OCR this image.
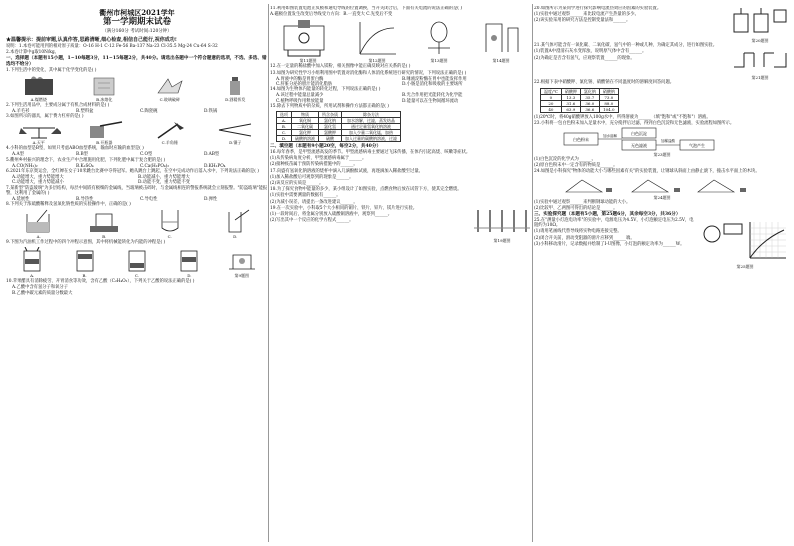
衢州市柯城区2021学年
第一学期期末试卷
（满分160分 考试时间:120分钟）
★温馨提示：提前审题,认真作答,思路清晰,细心检查,相信自己能行,祝你成功!
说明：1.本卷可能用到的相对原子质量：O-16 H-1 C-12 Fe-56 Ba-137 Na-23 Cl-35.5 Mg-24 Cu-64 S-32
2.本卷计算中g取10N/kg。
一、选择题（本题有15小题，1~10每题3分，11~15每题2分，共40分。请选出各题中一个符合题意的选项，不选、多选、错选均不给分）
1.下列生活中的变化，其中属于化学变化的是( )
A.煤燃烧	B.冰熔化	C.玻璃破碎	D.酒精挥发
2.下列生活用品中，主要成分属于有机合成材料的是( )
A.羊毛衫	B.塑料盆	C.陶瓷碗	D.铁锅
3.如图所示的器具，属于费力杠杆的是( )
A.天平	B.开瓶器	C.羊角锤	D.镊子
4.小科的血型是B型，如果只考虑ABO血型系统，输血时应输的血型是( )
A.A型	B.B型	C.O型	D.AB型
5.衢州乡村振兴的理念下，农业生产中合理施用化肥，下列化肥中属于复合肥的是( )
A.CO(NH₂)₂	B.K₂SO₄	C.Ca(H₂PO₄)₂	D.KH₂PO₄
6.2021年东京奥运会，全红婵在女子10米跳台比赛中夺得冠军。她从跳台上跳起，在空中完成动作后落入水中，下列说法正确的是( )
A.动能增大，重力势能增大	B.动能减小，重力势能增大
C.动能增大，重力势能减小	D.动能不变，重力势能不变
7.某新型"防盗玻璃"为多层结构，每层中间嵌有极细的金属线，当玻璃被击碎时，与金属线相连的警报系统就会立刻报警。"防盗玻璃"能报警，这利用了金属的( )
A.延展性	B.导热性	C.导电性	D.弹性
8.下列关于浓硫酸稀释及氢氧化钠性质的实验操作中，正确的是( )
A.	B.	C.	D.
9.下图为汽油机工作过程中的四个冲程示意图，其中将机械能转化为内能的冲程是( )
A.	B.	C.	D.	第9题图
10.苹果醋具有消除疲劳、开胃消食等功效，含有乙酸（C₂H₄O₂），下列关于乙酸的说法正确的是( )
A.乙酸中含有氢分子和氧分子
B.乙酸中碳元素的质量分数最大
11.利用如图装置电池正负极和通电导线的位置调换，当开关闭合后，下面有关电流的说法正确的是( )
A.磁极位置发生改变后导线受力方向：B.一直变大 C.先变后不变
第11题图	第12题图	第13题图	第14题图
12.在一定量的稀盐酸中加入镁粉，相关图像中能正确反映对应关系的是( )
13.如图为研究性学习小组利用图中装置对消化酶和人体消化系统进行研究的情况，下列说法正确的是( )
A.胃液中的酶是胃蛋白酶	B.唾液淀粉酶在胃中也能发挥作用
C.肝脏分泌的胆汁能消化脂肪	D.小肠是消化和吸收的主要场所
14.如图为生物体内能量的转化过程，下列说法正确的是( )
A.该过程中能量总量减少	B.光合作用把光能转化为化学能
C.植物呼吸作用释放能量	D.能量可以在生物间循环流动
15.除去下列物质中的杂质，所用试剂和操作方法都正确的是( )
选项	物质	所含杂质	除杂方法
A.	氧化铜	氯化钠	加水溶解，过滤，蒸发结晶
B.	二氧化碳	氯化氢	通过足量氢氧化钠溶液
C.	氯化钾	氯酸钾	加入少量二氧化锰，加热
D.	硫酸钠溶液	硫酸	加入过量的碳酸钠溶液，过滤
二、填空题（本题有9小题20空，每空2分，共40分）
16.每年春季，是甲型流感高发的季节。甲型流感病毒主要通过飞沫传播，在体内引起高烧、咳嗽等症状。
(1)从传染病角度分析，甲型流感病毒属于______。
(2)接种疫苗属于预防传染病措施中的______。
17.向盛有氢氧化钠溶液的烧杯中滴入几滴酚酞试液，再逐滴加入稀盐酸至过量。
(1)加入稀盐酸后可观察到的现象是______。
(2)该反应的实质是______。
18.为了探究食物中能量的多少，某小组设计了如图实验，点燃食物后放在试管下方，使其完全燃烧。
(1)实验中需要测量的数据有______。
(2)为减小误差，请提出一条改进建议______。
19.在一次实验中，小科取5个大小相同的铜片、铁片、锌片、镁片进行实验。
(1)一段时间后，将金属分别放入硫酸铜溶液中，观察到______。
(2)写出其中一个反应的化学方程式______。
第19题图
20.如图所示为某同学进行探究影响电流热效应的因素的实验装置。
(1)实验中通过观察______来比较电流产生热量的多少。
(2)该实验采用的研究方法是控制变量法和______。
第20题图
21.某气体可能含有一氧化碳、二氧化碳、氢气中的一种或几种，为确定其成分，进行如图实验。
(1)装置A中澄清石灰水变浑浊，说明原气体中含有______。
(2)为确定是否含有氢气，应观察装置______的现象。
第21题图
22.根据下表中硝酸钾、氯化钠、硝酸钠在不同温度时的溶解度回答问题。
温度/℃	硝酸钾	氯化钠	硝酸钠
0	13.3	35.7	73.0
20	31.6	36.0	88.0
40	63.9	36.6	104.0
(1)20℃时，将40g硝酸钾放入100g水中，所得溶液为______（填"饱和"或"不饱和"）溶液。
23.小科将一包白色粉末加入足量水中，充分搅拌后过滤，得到白色沉淀和无色滤液，实验流程如图所示。
白色粉末
加水溶解	白色沉淀
无色滤液
加稀盐酸
气泡产生
第23题图
(1)白色沉淀的化学式为______。
(2)原白色粉末中一定含有的物质是______。
24.如图是小科探究"物体的动能大小与哪些因素有关"的实验装置，让钢球从斜面上由静止滚下，撞击水平面上的木块。
第24题图
(1)实验中通过观察______来判断钢球动能的大小。
(2)比较甲、乙两图可得出的结论是______。
三、实验探究题（本题有5小题，第25题6分，其余每空3分，共36分）
25.在"测量小灯泡电功率"的实验中，电源电压为4.5V，小灯泡额定电压为2.5V，电阻约为10Ω。
(1)请用笔画线代替导线将实物电路连接完整。
(2)闭合开关前，滑动变阻器的滑片应移到______端。
(3)小科移动滑片，记录数据并绘制了I-U图像，小灯泡的额定功率为______W。
第25题图
